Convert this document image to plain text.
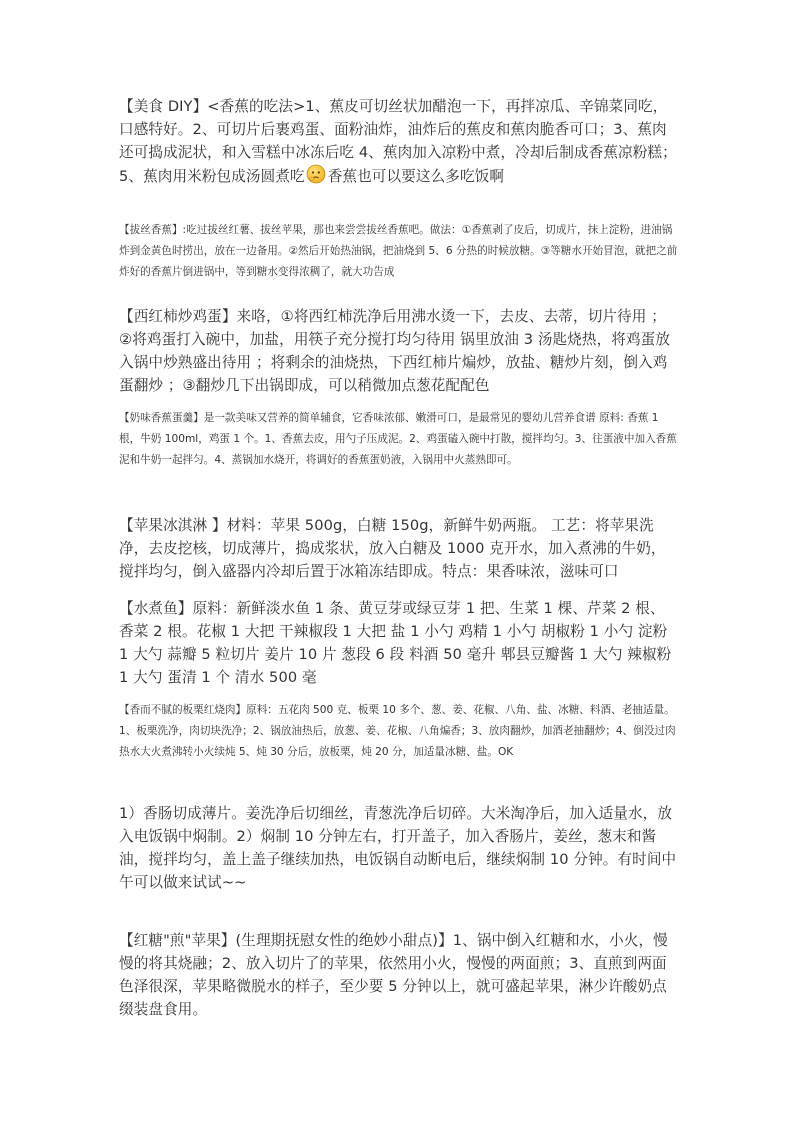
【美食 DIY】<香蕉的吃法>1、蕉皮可切丝状加醋泡一下，再拌凉瓜、辛锦菜同吃，口感特好。2、可切片后裹鸡蛋、面粉油炸，油炸后的蕉皮和蕉肉脆香可口；3、蕉肉还可捣成泥状，和入雪糕中冰冻后吃 4、蕉肉加入凉粉中煮，冷却后制成香蕉凉粉糕；5、蕉肉用米粉包成汤圆煮吃 香蕉也可以要这么多吃饭啊

【拔丝香蕉】:吃过拔丝红薯、拔丝苹果，那也来尝尝拔丝香蕉吧。做法：①香蕉剥了皮后，切成片，抹上淀粉，进油锅炸到金黄色时捞出，放在一边备用。②然后开始热油锅，把油烧到 5、6 分热的时候放糖。③等糖水开始冒泡，就把之前炸好的香蕉片倒进锅中，等到糖水变得浓稠了，就大功告成

【西红柿炒鸡蛋】来咯，①将西红柿洗净后用沸水烫一下，去皮、去蒂，切片待用 ；②将鸡蛋打入碗中，加盐，用筷子充分搅打均匀待用 锅里放油 3 汤匙烧热，将鸡蛋放入锅中炒熟盛出待用 ；将剩余的油烧热，下西红柿片煸炒，放盐、糖炒片刻，倒入鸡蛋翻炒 ；③翻炒几下出锅即成，可以稍微加点葱花配配色

【奶味香蕉蛋羹】是一款美味又营养的简单辅食，它香味浓郁、嫩滑可口，是最常见的婴幼儿营养食谱 原料: 香蕉 1 根，牛奶 100ml，鸡蛋 1 个。1、香蕉去皮，用勺子压成泥。2、鸡蛋磕入碗中打散，搅拌均匀。3、往蛋液中加入香蕉泥和牛奶一起拌匀。4、蒸锅加水烧开，将调好的香蕉蛋奶液，入锅用中火蒸熟即可。

【苹果冰淇淋 】材料：苹果 500g，白糖 150g，新鲜牛奶两瓶。 工艺：将苹果洗净，去皮挖核，切成薄片，捣成浆状，放入白糖及 1000 克开水，加入煮沸的牛奶，搅拌均匀，倒入盛器内冷却后置于冰箱冻结即成。特点：果香味浓，滋味可口

【水煮鱼】原料：新鲜淡水鱼 1 条、黄豆芽或绿豆芽 1 把、生菜 1 棵、芹菜 2 根、香菜 2 根。花椒 1 大把 干辣椒段 1 大把 盐 1 小勺 鸡精 1 小勺 胡椒粉 1 小勺 淀粉 1 大勺 蒜瓣 5 粒切片 姜片 10 片 葱段 6 段 料酒 50 毫升 郫县豆瓣酱 1 大勺 辣椒粉 1 大勺 蛋清 1 个 清水 500 毫

【香而不腻的板栗红烧肉】原料：五花肉 500 克、板栗 10 多个、葱、姜、花椒、八角、盐、冰糖、料酒、老抽适量。1、板栗洗净，肉切块洗净；2、锅放油热后，放葱、姜、花椒、八角煸香；3、放肉翻炒，加酒老抽翻炒；4、倒没过肉热水大火煮沸转小火续炖 5、炖 30 分后，放板栗，炖 20 分，加适量冰糖、盐。OK

1）香肠切成薄片。姜洗净后切细丝，青葱洗净后切碎。大米淘净后，加入适量水，放入电饭锅中焖制。2）焖制 10 分钟左右，打开盖子，加入香肠片，姜丝，葱末和酱油，搅拌均匀，盖上盖子继续加热，电饭锅自动断电后，继续焖制 10 分钟。有时间中午可以做来试试~~

【红糖"煎"苹果】(生理期抚慰女性的绝妙小甜点)】1、锅中倒入红糖和水，小火，慢慢的将其烧融；2、放入切片了的苹果，依然用小火，慢慢的两面煎；3、直煎到两面色泽很深，苹果略微脱水的样子，至少要 5 分钟以上，就可盛起苹果，淋少许酸奶点缀装盘食用。
